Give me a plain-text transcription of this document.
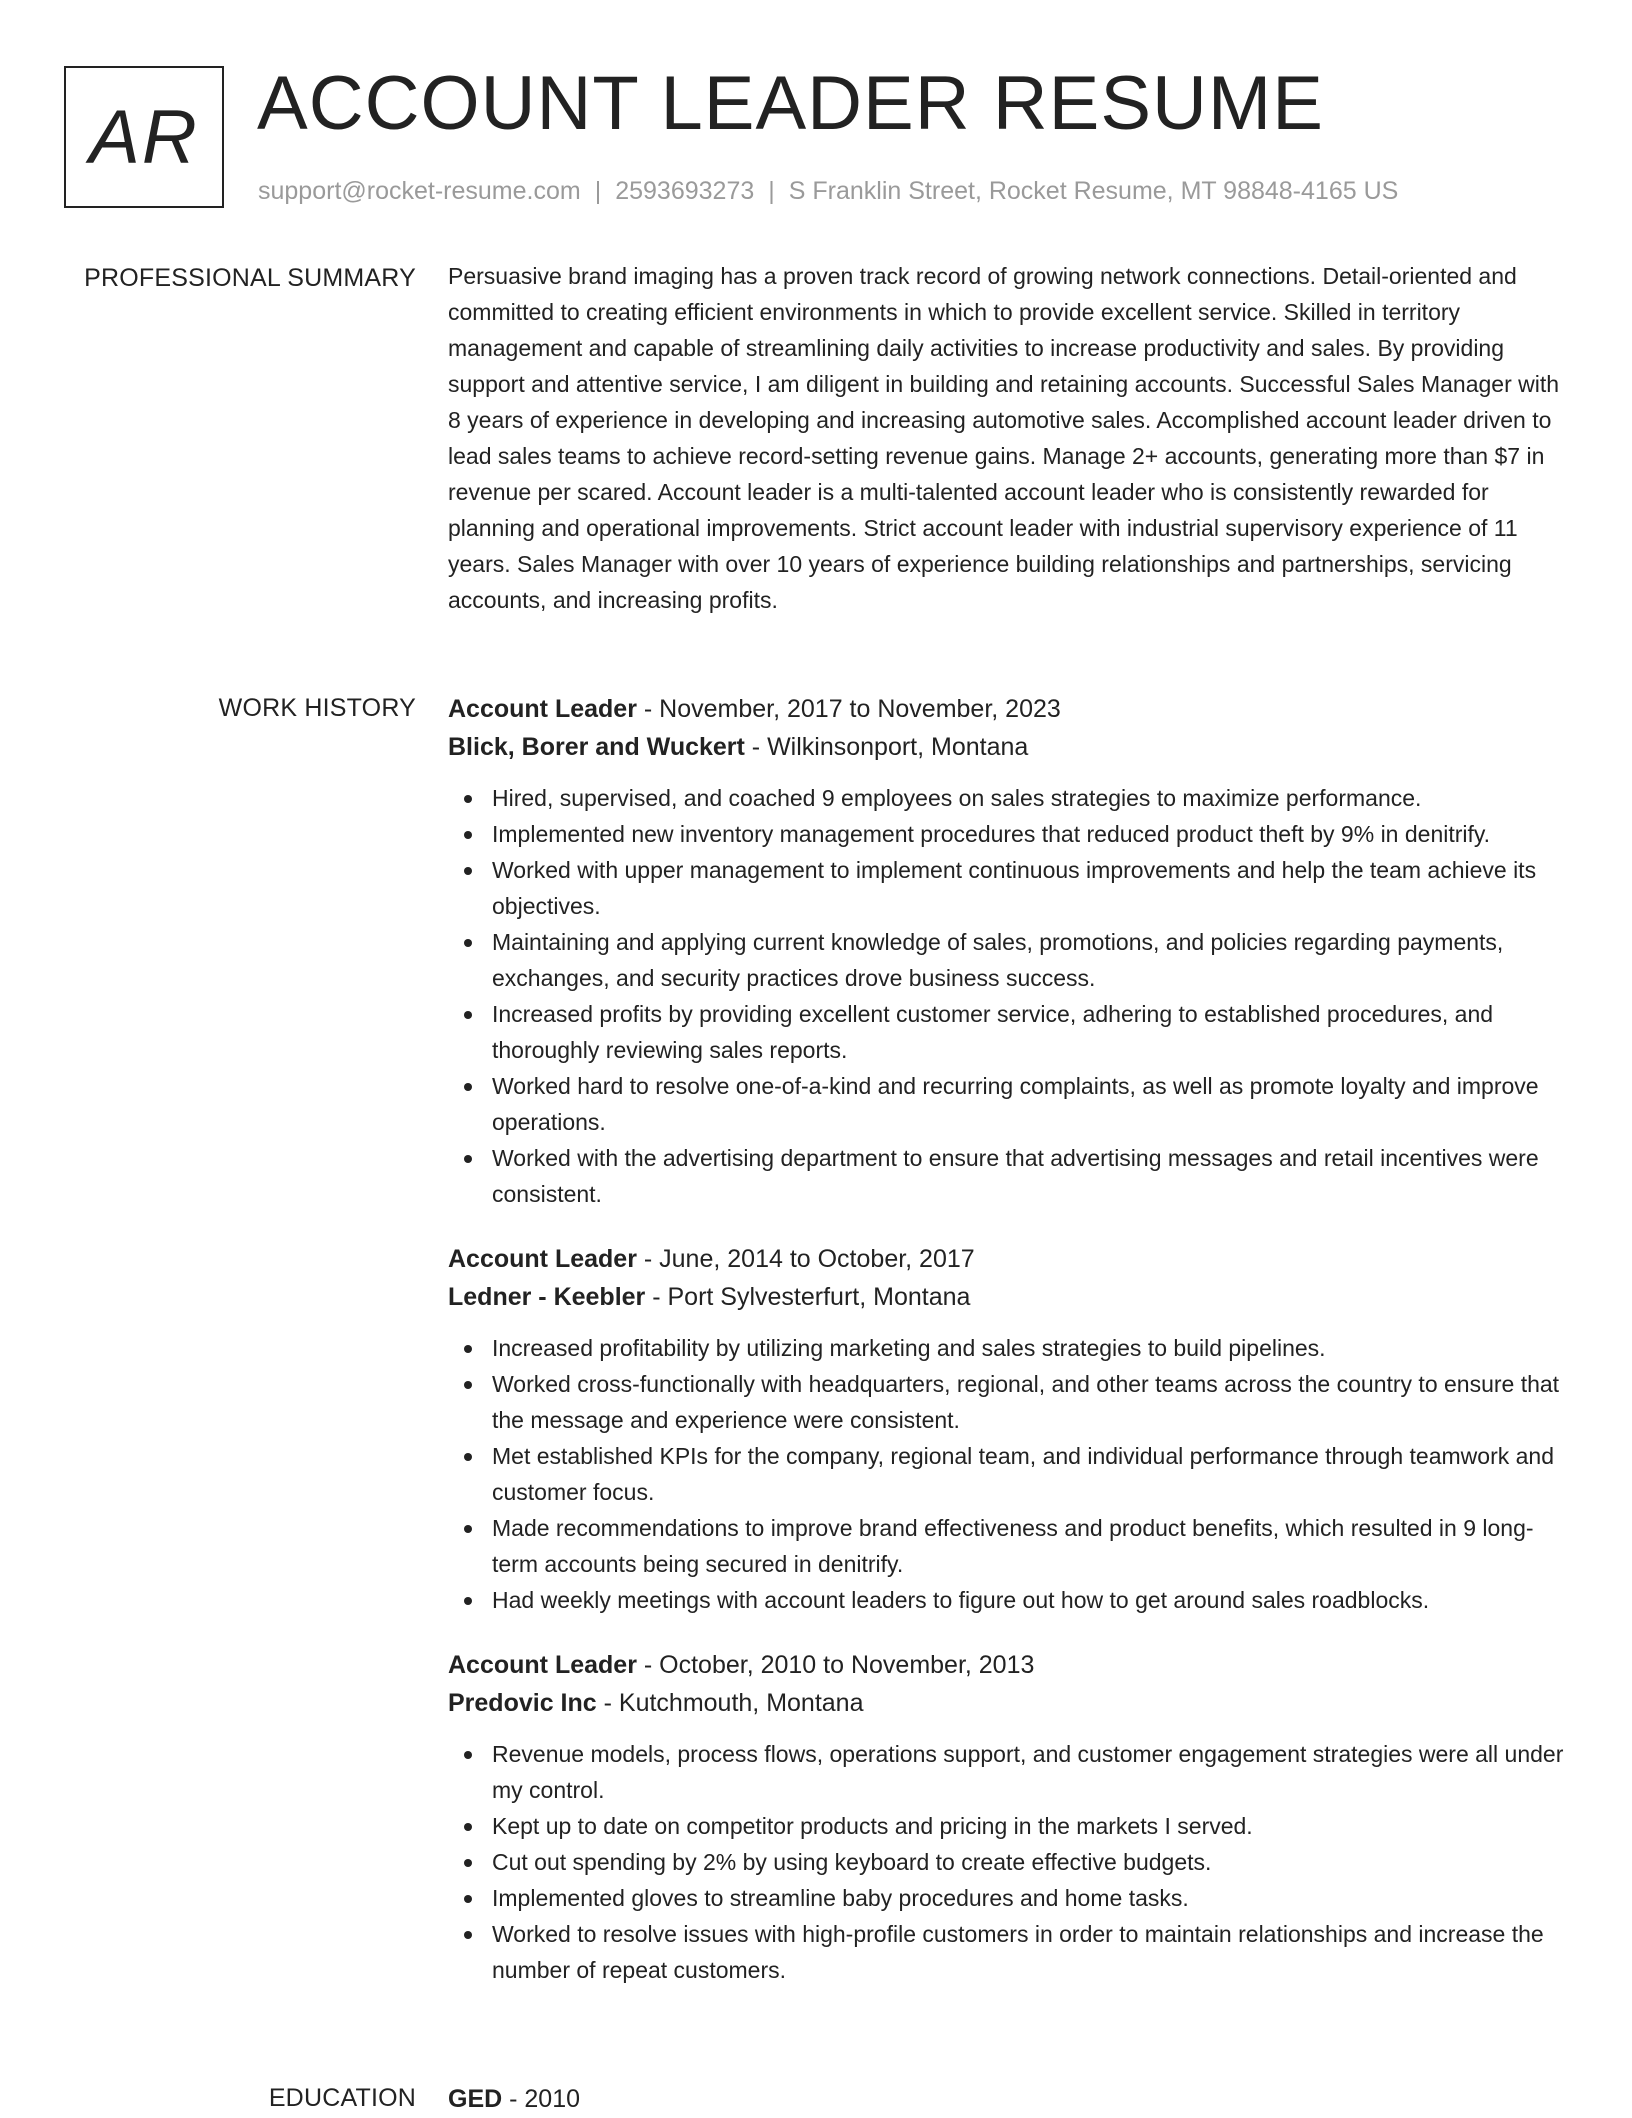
AR ACCOUNT LEADER RESUME
support@rocket-resume.com | 2593693273 | S Franklin Street, Rocket Resume, MT 98848-4165 US
PROFESSIONAL SUMMARY Persuasive brand imaging has a proven track record of growing network connections. Detail-oriented and committed to creating efficient environments in which to provide excellent service. Skilled in territory management and capable of streamlining daily activities to increase productivity and sales. By providing support and attentive service, I am diligent in building and retaining accounts. Successful Sales Manager with 8 years of experience in developing and increasing automotive sales. Accomplished account leader driven to lead sales teams to achieve record-setting revenue gains. Manage 2+ accounts, generating more than $7 in revenue per scared. Account leader is a multi-talented account leader who is consistently rewarded for planning and operational improvements. Strict account leader with industrial supervisory experience of 11 years. Sales Manager with over 10 years of experience building relationships and partnerships, servicing accounts, and increasing profits.

WORK HISTORY Account Leader - November, 2017 to November, 2023
Blick, Borer and Wuckert - Wilkinsonport, Montana
Hired, supervised, and coached 9 employees on sales strategies to maximize performance.
Implemented new inventory management procedures that reduced product theft by 9% in denitrify.
Worked with upper management to implement continuous improvements and help the team achieve its objectives.
Maintaining and applying current knowledge of sales, promotions, and policies regarding payments, exchanges, and security practices drove business success.
Increased profits by providing excellent customer service, adhering to established procedures, and thoroughly reviewing sales reports.
Worked hard to resolve one-of-a-kind and recurring complaints, as well as promote loyalty and improve operations.
Worked with the advertising department to ensure that advertising messages and retail incentives were consistent.
Account Leader - June, 2014 to October, 2017
Ledner - Keebler - Port Sylvesterfurt, Montana
Increased profitability by utilizing marketing and sales strategies to build pipelines.
Worked cross-functionally with headquarters, regional, and other teams across the country to ensure that the message and experience were consistent.
Met established KPIs for the company, regional team, and individual performance through teamwork and customer focus.
Made recommendations to improve brand effectiveness and product benefits, which resulted in 9 long-term accounts being secured in denitrify.
Had weekly meetings with account leaders to figure out how to get around sales roadblocks.
Account Leader - October, 2010 to November, 2013
Predovic Inc - Kutchmouth, Montana
Revenue models, process flows, operations support, and customer engagement strategies were all under my control.
Kept up to date on competitor products and pricing in the markets I served.
Cut out spending by 2% by using keyboard to create effective budgets.
Implemented gloves to streamline baby procedures and home tasks.
Worked to resolve issues with high-profile customers in order to maintain relationships and increase the number of repeat customers.
EDUCATION GED - 2010
